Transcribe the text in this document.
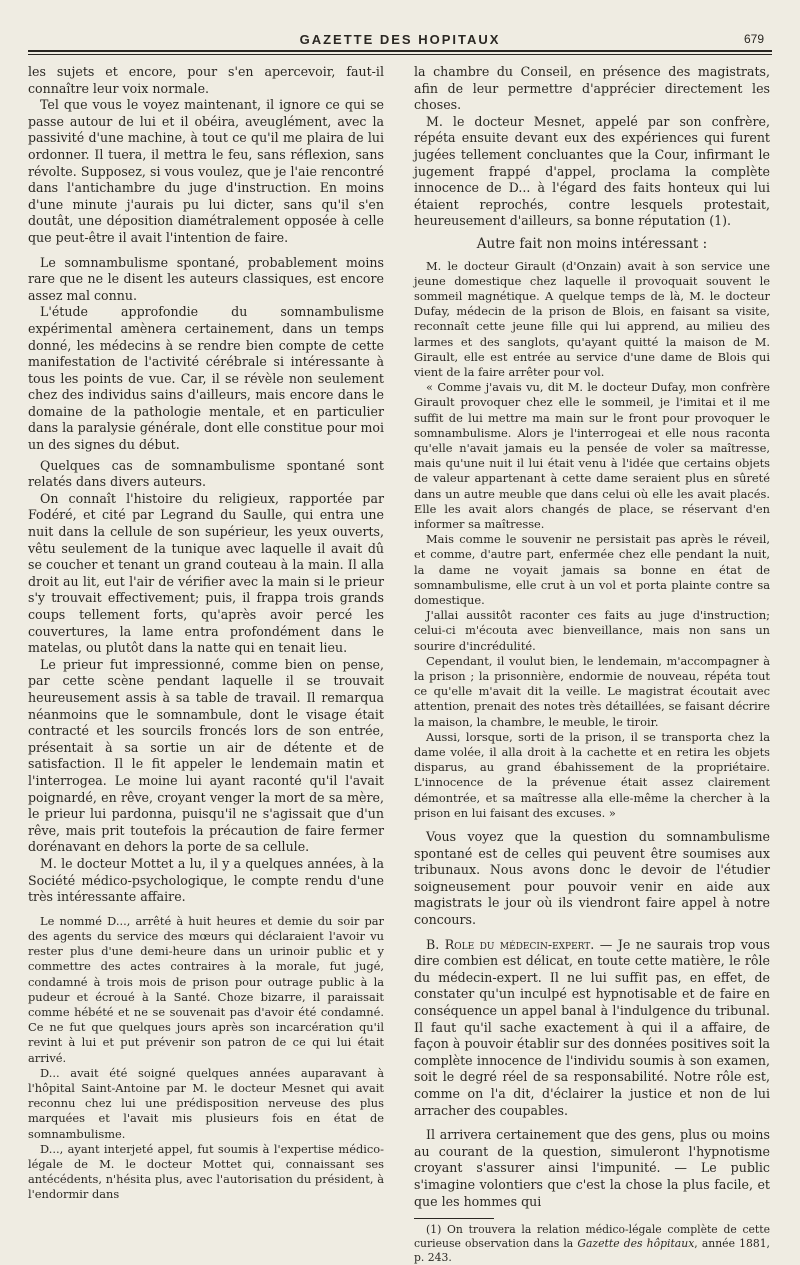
GAZETTE DES HOPITAUX	679

les sujets et encore, pour s'en apercevoir, faut-il connaître leur voix normale.

Tel que vous le voyez maintenant, il ignore ce qui se passe autour de lui et il obéira, aveuglément, avec la passivité d'une machine, à tout ce qu'il me plaira de lui ordonner. Il tuera, il mettra le feu, sans réflexion, sans révolte. Supposez, si vous voulez, que je l'aie rencontré dans l'antichambre du juge d'instruction. En moins d'une minute j'aurais pu lui dicter, sans qu'il s'en doutât, une déposition diamétralement opposée à celle que peut-être il avait l'intention de faire.

Le somnambulisme spontané, probablement moins rare que ne le disent les auteurs classiques, est encore assez mal connu.

L'étude approfondie du somnambulisme expérimental amènera certainement, dans un temps donné, les médecins à se rendre bien compte de cette manifestation de l'activité cérébrale si intéressante à tous les points de vue. Car, il se révèle non seulement chez des individus sains d'ailleurs, mais encore dans le domaine de la pathologie mentale, et en particulier dans la paralysie générale, dont elle constitue pour moi un des signes du début.

Quelques cas de somnambulisme spontané sont relatés dans divers auteurs.

On connaît l'histoire du religieux, rapportée par Fodéré, et cité par Legrand du Saulle, qui entra une nuit dans la cellule de son supérieur, les yeux ouverts, vêtu seulement de la tunique avec laquelle il avait dû se coucher et tenant un grand couteau à la main. Il alla droit au lit, eut l'air de vérifier avec la main si le prieur s'y trouvait effectivement; puis, il frappa trois grands coups tellement forts, qu'après avoir percé les couvertures, la lame entra profondément dans le matelas, ou plutôt dans la natte qui en tenait lieu.

Le prieur fut impressionné, comme bien on pense, par cette scène pendant laquelle il se trouvait heureusement assis à sa table de travail. Il remarqua néanmoins que le somnambule, dont le visage était contracté et les sourcils froncés lors de son entrée, présentait à sa sortie un air de détente et de satisfaction. Il le fit appeler le lendemain matin et l'interrogea. Le moine lui ayant raconté qu'il l'avait poignardé, en rêve, croyant venger la mort de sa mère, le prieur lui pardonna, puisqu'il ne s'agissait que d'un rêve, mais prit toutefois la précaution de faire fermer dorénavant en dehors la porte de sa cellule.

M. le docteur Mottet a lu, il y a quelques années, à la Société médico-psychologique, le compte rendu d'une très intéressante affaire.

Le nommé D..., arrêté à huit heures et demie du soir par des agents du service des mœurs qui déclaraient l'avoir vu rester plus d'une demi-heure dans un urinoir public et y commettre des actes contraires à la morale, fut jugé, condamné à trois mois de prison pour outrage public à la pudeur et écroué à la Santé. Choze bizarre, il paraissait comme hébété et ne se souvenait pas d'avoir été condamné. Ce ne fut que quelques jours après son incarcération qu'il revint à lui et put prévenir son patron de ce qui lui était arrivé.

D... avait été soigné quelques années auparavant à l'hôpital Saint-Antoine par M. le docteur Mesnet qui avait reconnu chez lui une prédisposition nerveuse des plus marquées et l'avait mis plusieurs fois en état de somnambulisme.

D..., ayant interjeté appel, fut soumis à l'expertise médico-légale de M. le docteur Mottet qui, connaissant ses antécédents, n'hésita plus, avec l'autorisation du président, à l'endormir dans

la chambre du Conseil, en présence des magistrats, afin de leur permettre d'apprécier directement les choses.

M. le docteur Mesnet, appelé par son confrère, répéta ensuite devant eux des expériences qui furent jugées tellement concluantes que la Cour, infirmant le jugement frappé d'appel, proclama la complète innocence de D... à l'égard des faits honteux qui lui étaient reprochés, contre lesquels protestait, heureusement d'ailleurs, sa bonne réputation (1).

Autre fait non moins intéressant :

M. le docteur Girault (d'Onzain) avait à son service une jeune domestique chez laquelle il provoquait souvent le sommeil magnétique. A quelque temps de là, M. le docteur Dufay, médecin de la prison de Blois, en faisant sa visite, reconnaît cette jeune fille qui lui apprend, au milieu des larmes et des sanglots, qu'ayant quitté la maison de M. Girault, elle est entrée au service d'une dame de Blois qui vient de la faire arrêter pour vol.

« Comme j'avais vu, dit M. le docteur Dufay, mon confrère Girault provoquer chez elle le sommeil, je l'imitai et il me suffit de lui mettre ma main sur le front pour provoquer le somnambulisme. Alors je l'interrogeai et elle nous raconta qu'elle n'avait jamais eu la pensée de voler sa maîtresse, mais qu'une nuit il lui était venu à l'idée que certains objets de valeur appartenant à cette dame seraient plus en sûreté dans un autre meuble que dans celui où elle les avait placés. Elle les avait alors changés de place, se réservant d'en informer sa maîtresse.

Mais comme le souvenir ne persistait pas après le réveil, et comme, d'autre part, enfermée chez elle pendant la nuit, la dame ne voyait jamais sa bonne en état de somnambulisme, elle crut à un vol et porta plainte contre sa domestique.

J'allai aussitôt raconter ces faits au juge d'instruction; celui-ci m'écouta avec bienveillance, mais non sans un sourire d'incrédulité.

Cependant, il voulut bien, le lendemain, m'accompagner à la prison ; la prisonnière, endormie de nouveau, répéta tout ce qu'elle m'avait dit la veille. Le magistrat écoutait avec attention, prenait des notes très détaillées, se faisant décrire la maison, la chambre, le meuble, le tiroir.

Aussi, lorsque, sorti de la prison, il se transporta chez la dame volée, il alla droit à la cachette et en retira les objets disparus, au grand ébahissement de la propriétaire. L'innocence de la prévenue était assez clairement démontrée, et sa maîtresse alla elle-même la chercher à la prison en lui faisant des excuses. »

Vous voyez que la question du somnambulisme spontané est de celles qui peuvent être soumises aux tribunaux. Nous avons donc le devoir de l'étudier soigneusement pour pouvoir venir en aide aux magistrats le jour où ils viendront faire appel à notre concours.

B. Role du médecin-expert. — Je ne saurais trop vous dire combien est délicat, en toute cette matière, le rôle du médecin-expert. Il ne lui suffit pas, en effet, de constater qu'un inculpé est hypnotisable et de faire en conséquence un appel banal à l'indulgence du tribunal. Il faut qu'il sache exactement à qui il a affaire, de façon à pouvoir établir sur des données positives soit la complète innocence de l'individu soumis à son examen, soit le degré réel de sa responsabilité. Notre rôle est, comme on l'a dit, d'éclairer la justice et non de lui arracher des coupables.

Il arrivera certainement que des gens, plus ou moins au courant de la question, simuleront l'hypnotisme croyant s'assurer ainsi l'impunité. — Le public s'imagine volontiers que c'est la chose la plus facile, et que les hommes qui

(1) On trouvera la relation médico-légale complète de cette curieuse observation dans la Gazette des hôpitaux, année 1881, p. 243.
